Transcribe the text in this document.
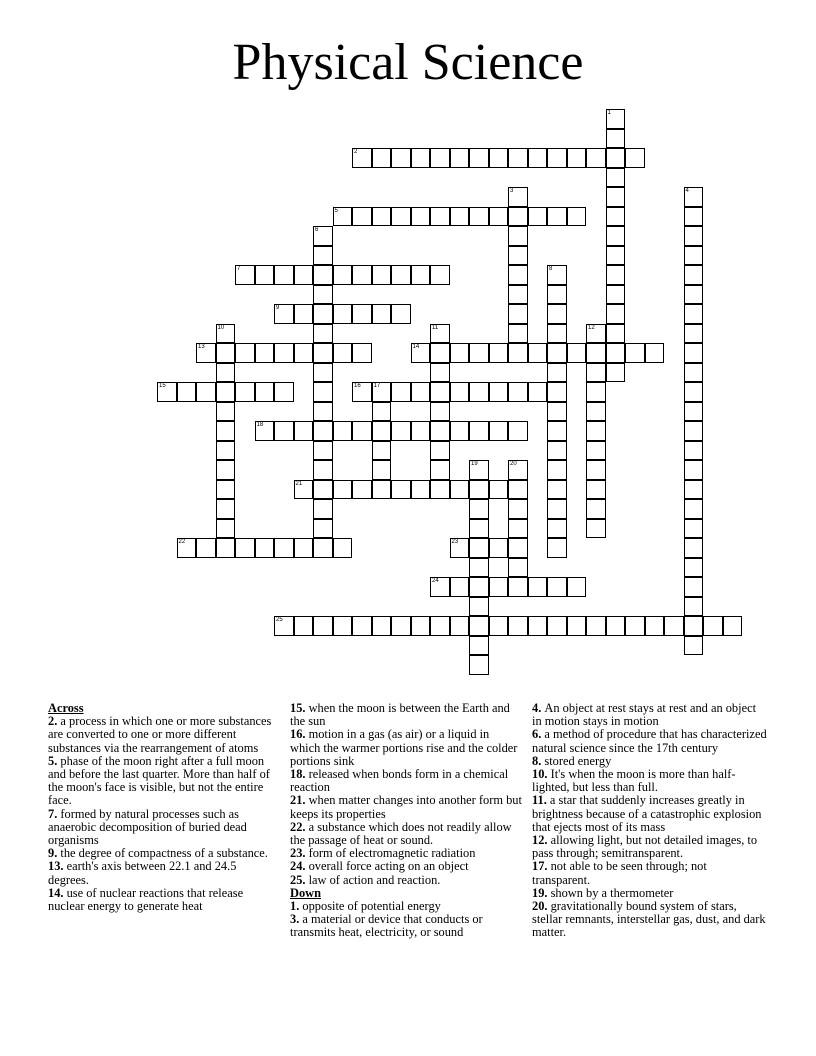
Physical Science
1
2
3	4
5
6
7	8
9
10	11	12
13	14
15	16 17
18
19	20
21
22	23
24
25
Across
2. a process in which one or more substances are converted to one or more different substances via the rearrangement of atoms
5. phase of the moon right after a full moon and before the last quarter. More than half of the moon's face is visible, but not the entire face.
7. formed by natural processes such as anaerobic decomposition of buried dead organisms
9. the degree of compactness of a substance.
13. earth's axis between 22.1 and 24.5 degrees.
14. use of nuclear reactions that release nuclear energy to generate heat
15. when the moon is between the Earth and the sun
16. motion in a gas (as air) or a liquid in which the warmer portions rise and the colder portions sink
18. released when bonds form in a chemical reaction
21. when matter changes into another form but keeps its properties
22. a substance which does not readily allow the passage of heat or sound.
23. form of electromagnetic radiation
24. overall force acting on an object
25. law of action and reaction.
Down
1. opposite of potential energy
3. a material or device that conducts or transmits heat, electricity, or sound
4. An object at rest stays at rest and an object in motion stays in motion
6. a method of procedure that has characterized natural science since the 17th century
8. stored energy
10. It's when the moon is more than half-lighted, but less than full.
11. a star that suddenly increases greatly in brightness because of a catastrophic explosion that ejects most of its mass
12. allowing light, but not detailed images, to pass through; semitransparent.
17. not able to be seen through; not transparent.
19. shown by a thermometer
20. gravitationally bound system of stars, stellar remnants, interstellar gas, dust, and dark matter.
